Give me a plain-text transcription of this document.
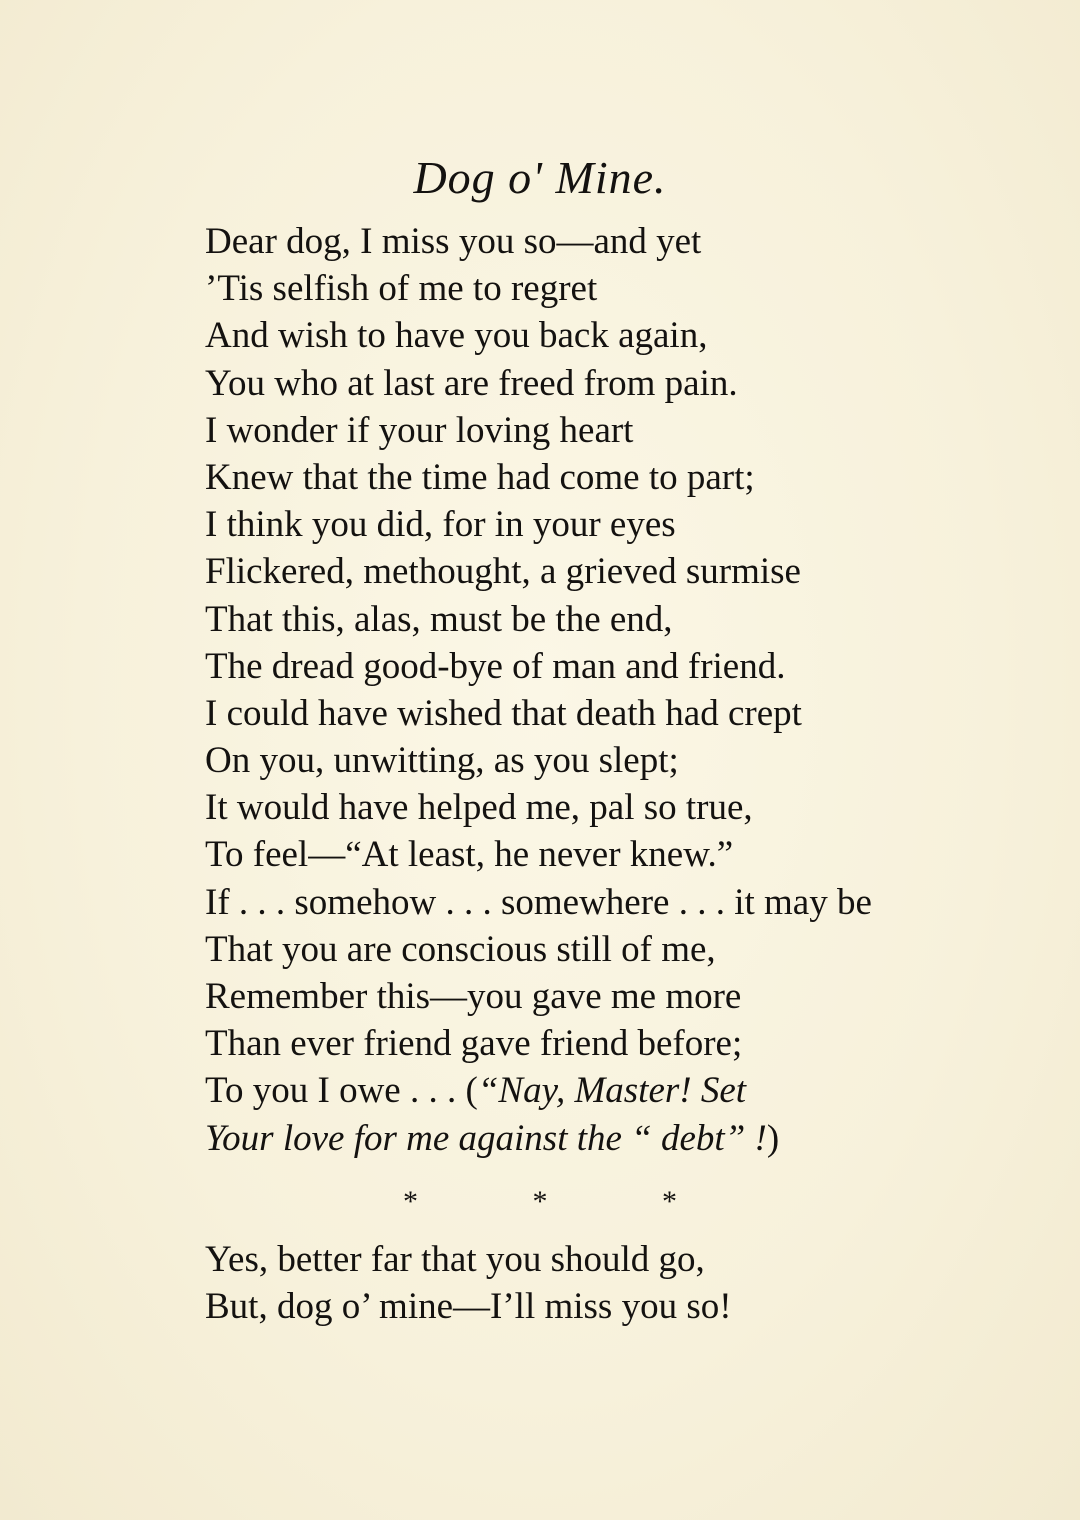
Dog o' Mine.
Dear dog, I miss you so—and yet
’Tis selfish of me to regret
And wish to have you back again,
You who at last are freed from pain.
I wonder if your loving heart
Knew that the time had come to part;
I think you did, for in your eyes
Flickered, methought, a grieved surmise
That this, alas, must be the end,
The dread good-bye of man and friend.
I could have wished that death had crept
On you, unwitting, as you slept;
It would have helped me, pal so true,
To feel—“At least, he never knew.”
If . . . somehow . . . somewhere . . . it may be
That you are conscious still of me,
Remember this—you gave me more
Than ever friend gave friend before;
To you I owe . . . (“Nay, Master! Set
Your love for me against the “ debt” !)
*	*	*
Yes, better far that you should go,
But, dog o’ mine—I’ll miss you so!
